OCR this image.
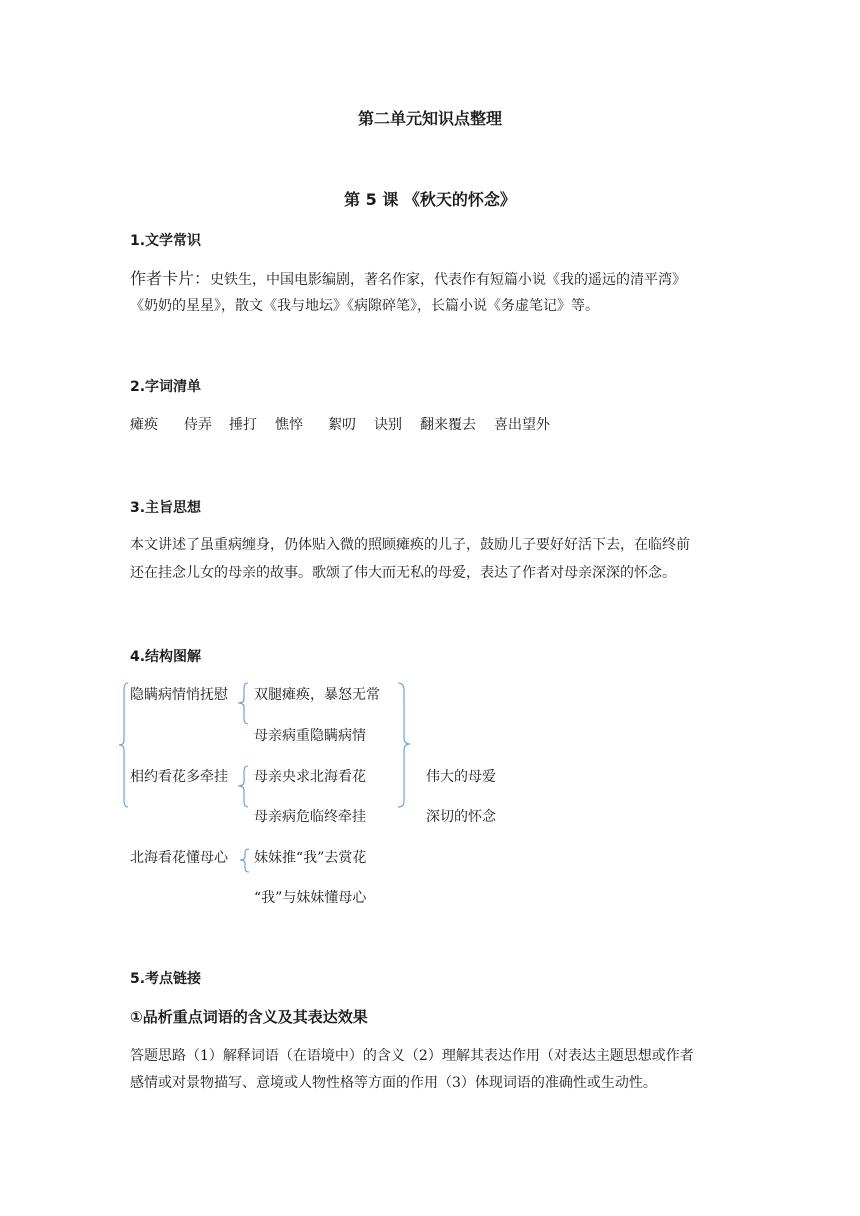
第二单元知识点整理
第 5 课 《秋天的怀念》
1.文学常识
作者卡片：史铁生，中国电影编剧，著名作家，代表作有短篇小说《我的遥远的清平湾》
《奶奶的星星》，散文《我与地坛》《病隙碎笔》，长篇小说《务虚笔记》等。
2.字词清单
瘫痪 侍弄 捶打 憔悴 絮叨 诀别 翻来覆去 喜出望外
3.主旨思想
本文讲述了虽重病缠身，仍体贴入微的照顾瘫痪的儿子，鼓励儿子要好好活下去，在临终前
还在挂念儿女的母亲的故事。歌颂了伟大而无私的母爱，表达了作者对母亲深深的怀念。
4.结构图解
隐瞒病情悄抚慰 双腿瘫痪，暴怒无常
母亲病重隐瞒病情
相约看花多牵挂 母亲央求北海看花
母亲病危临终牵挂
北海看花懂母心 妹妹推“我”去赏花
“我”与妹妹懂母心
伟大的母爱
深切的怀念
5.考点链接
①品析重点词语的含义及其表达效果
答题思路（1）解释词语（在语境中）的含义（2）理解其表达作用（对表达主题思想或作者
感情或对景物描写、意境或人物性格等方面的作用（3）体现词语的准确性或生动性。
